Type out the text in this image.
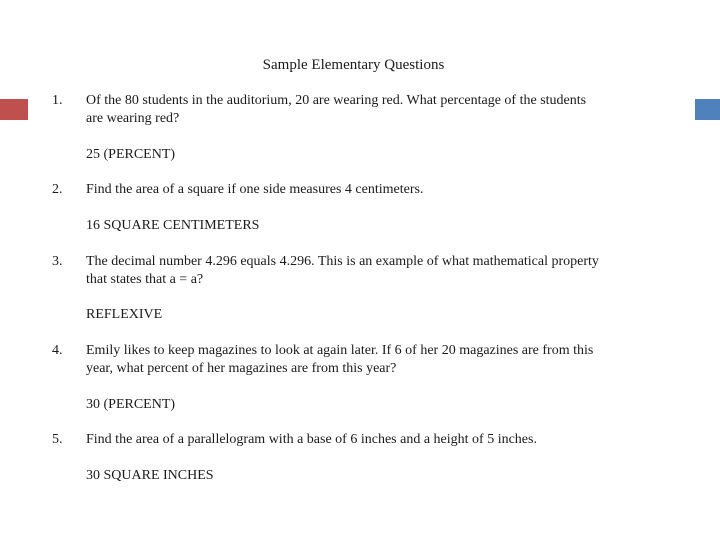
Sample Elementary Questions
1. Of the 80 students in the auditorium, 20 are wearing red. What percentage of the students
are wearing red?
25 (PERCENT)
2. Find the area of a square if one side measures 4 centimeters.
16 SQUARE CENTIMETERS
3. The decimal number 4.296 equals 4.296. This is an example of what mathematical property
that states that a = a?
REFLEXIVE
4. Emily likes to keep magazines to look at again later. If 6 of her 20 magazines are from this
year, what percent of her magazines are from this year?
30 (PERCENT)
5. Find the area of a parallelogram with a base of 6 inches and a height of 5 inches.
30 SQUARE INCHES
